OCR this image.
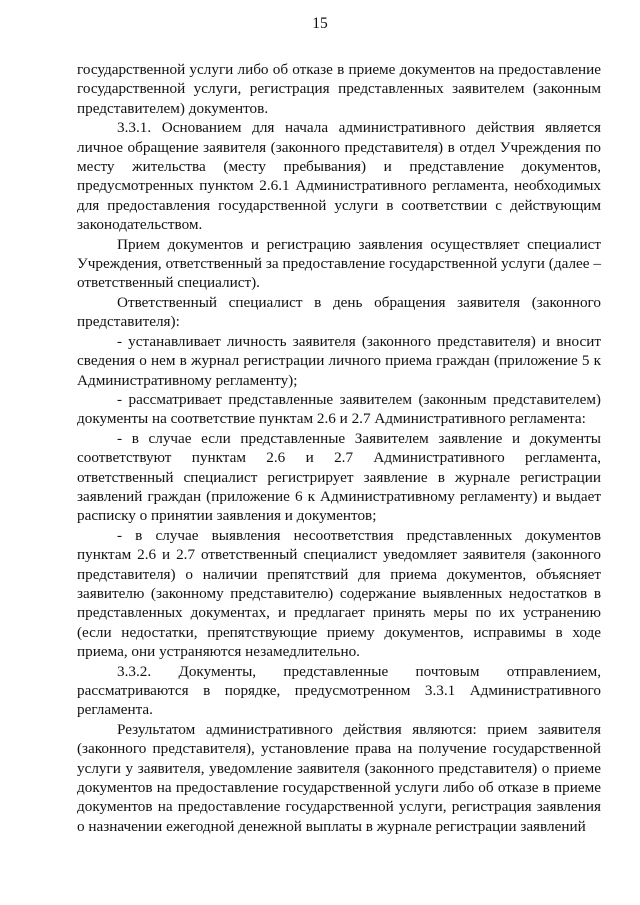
15

государственной услуги либо об отказе в приеме документов на предоставление государственной услуги, регистрация представленных заявителем (законным представителем) документов.

3.3.1. Основанием для начала административного действия является личное обращение заявителя (законного представителя) в отдел Учреждения по месту жительства (месту пребывания) и представление документов, предусмотренных пунктом 2.6.1 Административного регламента, необходимых для предоставления государственной услуги в соответствии с действующим законодательством.

Прием документов и регистрацию заявления осуществляет специалист Учреждения, ответственный за предоставление государственной услуги (далее – ответственный специалист).

Ответственный специалист в день обращения заявителя (законного представителя):

- устанавливает личность заявителя (законного представителя) и вносит сведения о нем в журнал регистрации личного приема граждан (приложение 5 к Административному регламенту);

- рассматривает представленные заявителем (законным представителем) документы на соответствие пунктам 2.6 и 2.7 Административного регламента:

- в случае если представленные Заявителем заявление и документы соответствуют пунктам 2.6 и 2.7 Административного регламента, ответственный специалист регистрирует заявление в журнале регистрации заявлений граждан (приложение 6 к Административному регламенту) и выдает расписку о принятии заявления и документов;

- в случае выявления несоответствия представленных документов пунктам 2.6 и 2.7 ответственный специалист уведомляет заявителя (законного представителя) о наличии препятствий для приема документов, объясняет заявителю (законному представителю) содержание выявленных недостатков в представленных документах, и предлагает принять меры по их устранению (если недостатки, препятствующие приему документов, исправимы в ходе приема, они устраняются незамедлительно.

3.3.2. Документы, представленные почтовым отправлением, рассматриваются в порядке, предусмотренном 3.3.1 Административного регламента.

Результатом административного действия являются: прием заявителя (законного представителя), установление права на получение государственной услуги у заявителя, уведомление заявителя (законного представителя) о приеме документов на предоставление государственной услуги либо об отказе в приеме документов на предоставление государственной услуги, регистрация заявления о назначении ежегодной денежной выплаты в журнале регистрации заявлений
